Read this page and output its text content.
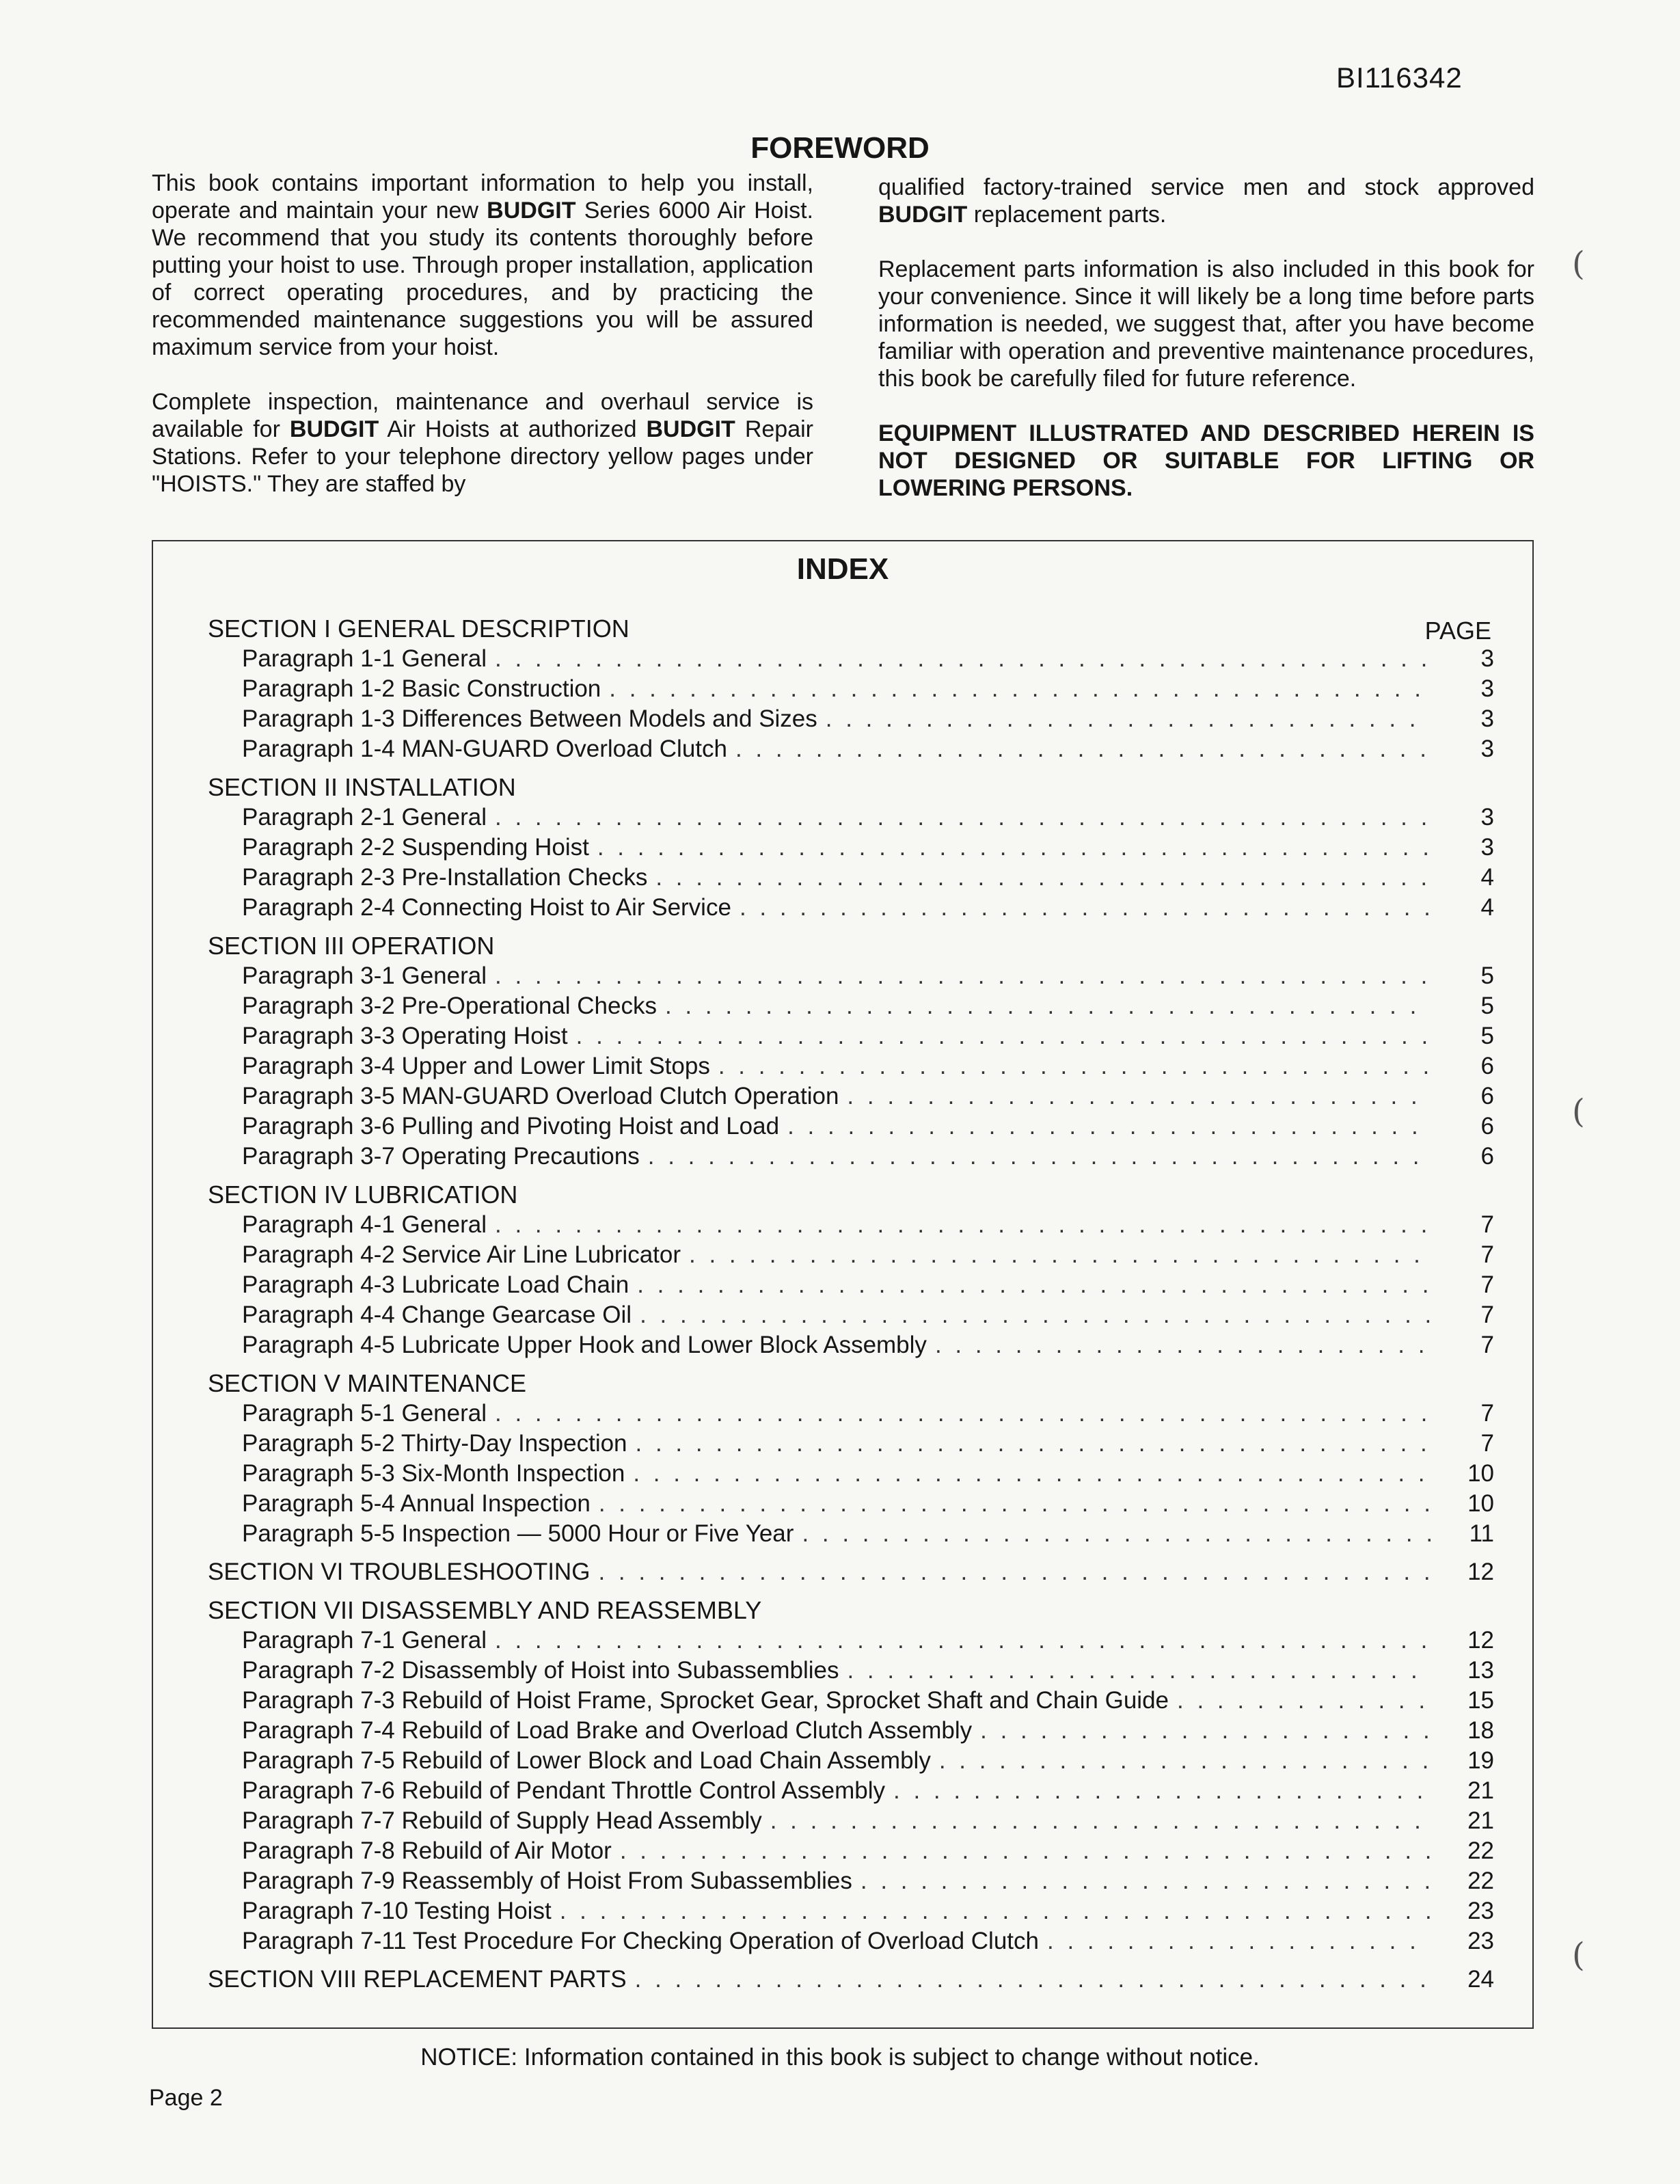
BI116342
FOREWORD

This book contains important information to help you install, operate and maintain your new BUDGIT Series 6000 Air Hoist. We recommend that you study its contents thoroughly before putting your hoist to use. Through proper installation, application of correct operating procedures, and by practicing the recommended maintenance suggestions you will be assured maximum service from your hoist.

Complete inspection, maintenance and overhaul service is available for BUDGIT Air Hoists at authorized BUDGIT Repair Stations. Refer to your telephone directory yellow pages under "HOISTS." They are staffed by

qualified factory-trained service men and stock approved BUDGIT replacement parts.

Replacement parts information is also included in this book for your convenience. Since it will likely be a long time before parts information is needed, we suggest that, after you have become familiar with operation and preventive maintenance procedures, this book be carefully filed for future reference.

EQUIPMENT ILLUSTRATED AND DESCRIBED HEREIN IS NOT DESIGNED OR SUITABLE FOR LIFTING OR LOWERING PERSONS.

INDEX
PAGE
SECTION I GENERAL DESCRIPTION
Paragraph 1-1 General . . .	3
Paragraph 1-2 Basic Construction . . .	3
Paragraph 1-3 Differences Between Models and Sizes . . .	3
Paragraph 1-4 MAN-GUARD Overload Clutch . . .	3
SECTION II INSTALLATION
Paragraph 2-1 General . . .	3
Paragraph 2-2 Suspending Hoist . . .	3
Paragraph 2-3 Pre-Installation Checks . . .	4
Paragraph 2-4 Connecting Hoist to Air Service . . .	4
SECTION III OPERATION
Paragraph 3-1 General . . .	5
Paragraph 3-2 Pre-Operational Checks . . .	5
Paragraph 3-3 Operating Hoist . . .	5
Paragraph 3-4 Upper and Lower Limit Stops . . .	6
Paragraph 3-5 MAN-GUARD Overload Clutch Operation . . .	6
Paragraph 3-6 Pulling and Pivoting Hoist and Load . . .	6
Paragraph 3-7 Operating Precautions . . .	6
SECTION IV LUBRICATION
Paragraph 4-1 General . . .	7
Paragraph 4-2 Service Air Line Lubricator . . .	7
Paragraph 4-3 Lubricate Load Chain . . .	7
Paragraph 4-4 Change Gearcase Oil . . .	7
Paragraph 4-5 Lubricate Upper Hook and Lower Block Assembly . . .	7
SECTION V MAINTENANCE
Paragraph 5-1 General . . .	7
Paragraph 5-2 Thirty-Day Inspection . . .	7
Paragraph 5-3 Six-Month Inspection . . .	10
Paragraph 5-4 Annual Inspection . . .	10
Paragraph 5-5 Inspection — 5000 Hour or Five Year . . .	11
SECTION VI TROUBLESHOOTING . . .	12
SECTION VII DISASSEMBLY AND REASSEMBLY
Paragraph 7-1 General . . .	12
Paragraph 7-2 Disassembly of Hoist into Subassemblies . . .	13
Paragraph 7-3 Rebuild of Hoist Frame, Sprocket Gear, Sprocket Shaft and Chain Guide . . .	15
Paragraph 7-4 Rebuild of Load Brake and Overload Clutch Assembly . . .	18
Paragraph 7-5 Rebuild of Lower Block and Load Chain Assembly . . .	19
Paragraph 7-6 Rebuild of Pendant Throttle Control Assembly . . .	21
Paragraph 7-7 Rebuild of Supply Head Assembly . . .	21
Paragraph 7-8 Rebuild of Air Motor . . .	22
Paragraph 7-9 Reassembly of Hoist From Subassemblies . . .	22
Paragraph 7-10 Testing Hoist . . .	23
Paragraph 7-11 Test Procedure For Checking Operation of Overload Clutch . . .	23
SECTION VIII REPLACEMENT PARTS . . .	24
NOTICE: Information contained in this book is subject to change without notice.
Page 2
(
(
(
